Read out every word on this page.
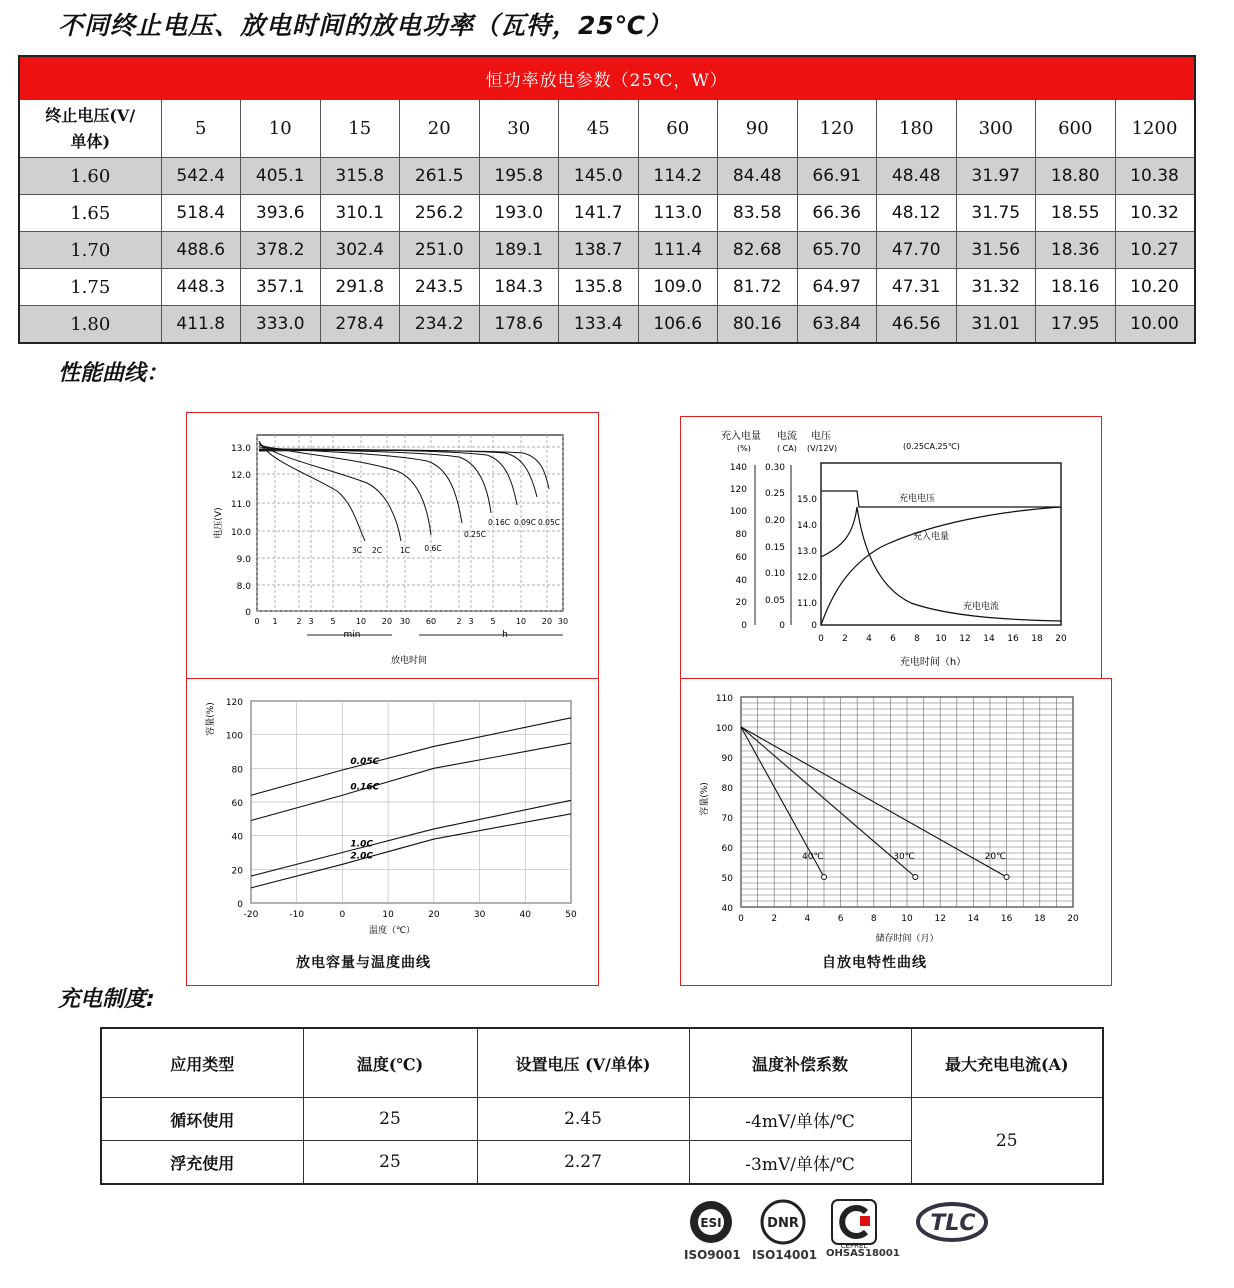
不同终止电压、放电时间的放电功率（瓦特，25℃）
恒功率放电参数（25℃，W）													
终止电压(V/
单体)	5	10	15	20	30	45	60	90	120	180	300	600	1200
1.60	542.4	405.1	315.8	261.5	195.8	145.0	114.2	84.48	66.91	48.48	31.97	18.80	10.38
1.65	518.4	393.6	310.1	256.2	193.0	141.7	113.0	83.58	66.36	48.12	31.75	18.55	10.32
1.70	488.6	378.2	302.4	251.0	189.1	138.7	111.4	82.68	65.70	47.70	31.56	18.36	10.27
1.75	448.3	357.1	291.8	243.5	184.3	135.8	109.0	81.72	64.97	47.31	31.32	18.16	10.20
1.80	411.8	333.0	278.4	234.2	178.6	133.4	106.6	80.16	63.84	46.56	31.01	17.95	10.00
性能曲线：
13.0
12.0
11.0
10.0
9.0
8.0
0
0 1 2 3 5	10 20 30 60	2 3 5	10 20 30
min	h
放电时间
电压(V)
3C 2C 1C 0.6C
0.25C
0.16C 0.09C 0.05C
充入电量 电流 电压
(%)	( CA) (V/12V)	(0.25CA,25℃)
140
120
100
80
60
40
20
0
0.30
0.25
0.20
0.15
0.10
0.05
0
15.0
14.0
13.0
12.0
11.0
0
0 2 4 6 8 10 12 14 16 18 20
充电时间（h）
充电电压
充入电量
充电电流
120
100
80
60
40
20
0
-20	-10	0	10	20	30	40	50
温度（℃）
容量(%)
0.05C
0.16C
1.0C
2.0C
放电容量与温度曲线
110
100
90
80
70
60
50
40
0	2	4	6	8	10 12 14 16 18 20
储存时间（月）
容量(%)
40℃	30℃	20℃
自放电特性曲线
充电制度:
应用类型	温度(℃)	设置电压 (V/单体)	温度补偿系数	最大充电电流(A)
循环使用	25	2.45	-4mV/单体/℃	25
浮充使用	25	2.27	-3mV/单体/℃	
ESI	DNR
CEPREL
TLC
ISO9001 ISO14001 OHSAS18001
